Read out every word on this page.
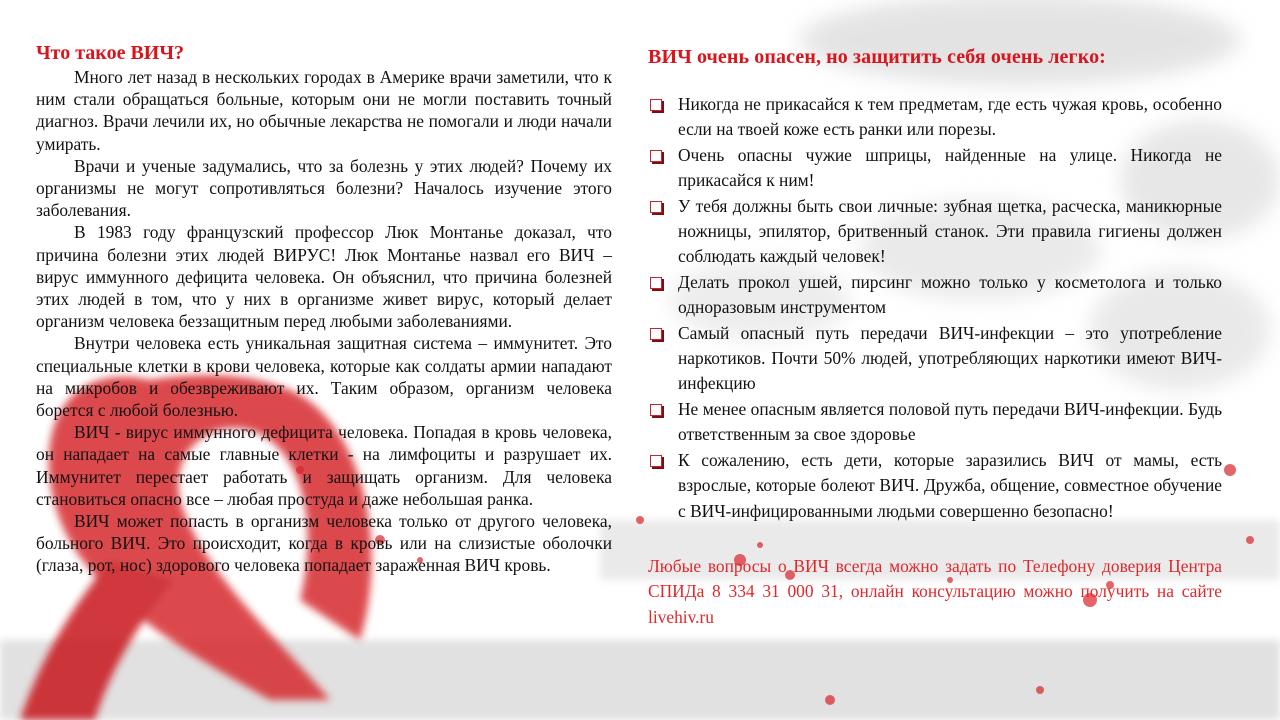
Что такое ВИЧ?

Много лет назад в нескольких городах в Америке врачи заметили, что к ним стали обращаться больные, которым они не могли поставить точный диагноз. Врачи лечили их, но обычные лекарства не помогали и люди начали умирать.

Врачи и ученые задумались, что за болезнь у этих людей? Почему их организмы не могут сопротивляться болезни? Началось изучение этого заболевания.

В 1983 году французский профессор Люк Монтанье доказал, что причина болезни этих людей ВИРУС! Люк Монтанье назвал его ВИЧ – вирус иммунного дефицита человека. Он объяснил, что причина болезней этих людей в том, что у них в организме живет вирус, который делает организм человека беззащитным перед любыми заболеваниями.

Внутри человека есть уникальная защитная система – иммунитет. Это специальные клетки в крови человека, которые как солдаты армии нападают на микробов и обезвреживают их. Таким образом, организм человека борется с любой болезнью.

ВИЧ - вирус иммунного дефицита человека. Попадая в кровь человека, он нападает на самые главные клетки - на лимфоциты и разрушает их. Иммунитет перестает работать и защищать организм. Для человека становиться опасно все – любая простуда и даже небольшая ранка.

ВИЧ может попасть в организм человека только от другого человека, больного ВИЧ. Это происходит, когда в кровь или на слизистые оболочки (глаза, рот, нос) здорового человека попадает зараженная ВИЧ кровь.

ВИЧ очень опасен, но защитить себя очень легко:
Никогда не прикасайся к тем предметам, где есть чужая кровь, особенно если на твоей коже есть ранки или порезы.
Очень опасны чужие шприцы, найденные на улице. Никогда не прикасайся к ним!
У тебя должны быть свои личные: зубная щетка, расческа, маникюрные ножницы, эпилятор, бритвенный станок. Эти правила гигиены должен соблюдать каждый человек!
Делать прокол ушей, пирсинг можно только у косметолога и только одноразовым инструментом
Самый опасный путь передачи ВИЧ-инфекции – это употребление наркотиков. Почти 50% людей, употребляющих наркотики имеют ВИЧ-инфекцию
Не менее опасным является половой путь передачи ВИЧ-инфекции. Будь ответственным за свое здоровье
К сожалению, есть дети, которые заразились ВИЧ от мамы, есть взрослые, которые болеют ВИЧ. Дружба, общение, совместное обучение с ВИЧ-инфицированными людьми совершенно безопасно!
Любые вопросы о ВИЧ всегда можно задать по Телефону доверия Центра СПИДа 8 334 31 000 31, онлайн консультацию можно получить на сайте livehiv.ru
